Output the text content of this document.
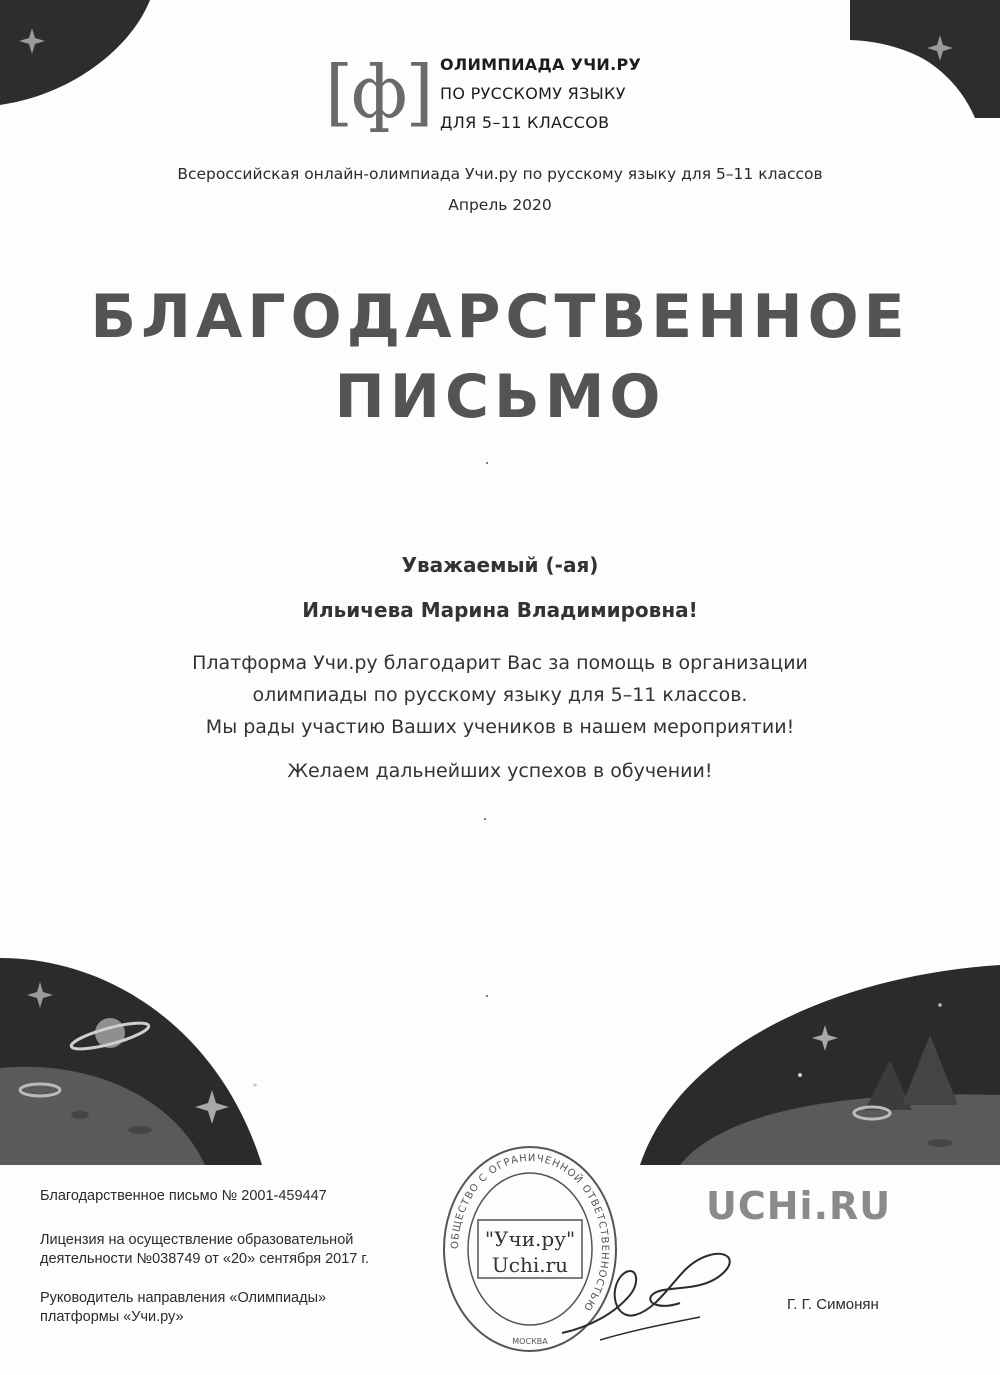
[ф] ОЛИМПИАДА УЧИ.РУ
ПО РУССКОМУ ЯЗЫКУ
ДЛЯ 5–11 КЛАССОВ
Всероссийская онлайн-олимпиада Учи.ру по русскому языку для 5–11 классов
Апрель 2020
БЛАГОДАРСТВЕННОЕ
ПИСЬМО
Уважаемый (-ая)
Ильичева Марина Владимировна!
Платформа Учи.ру благодарит Вас за помощь в организации
олимпиады по русскому языку для 5–11 классов.
Мы рады участию Ваших учеников в нашем мероприятии!
Желаем дальнейших успехов в обучении!
Благодарственное письмо № 2001-459447
Лицензия на осуществление образовательной
деятельности №038749 от «20» сентября 2017 г.
Руководитель направления «Олимпиады»
платформы «Учи.ру»
UCHi.RU
ОБЩЕСТВО С ОГРАНИЧЕННОЙ ОТВЕТСТВЕННОСТЬЮ
МОСКВА
"Учи.ру"
Uchi.ru
Г. Г. Симонян
